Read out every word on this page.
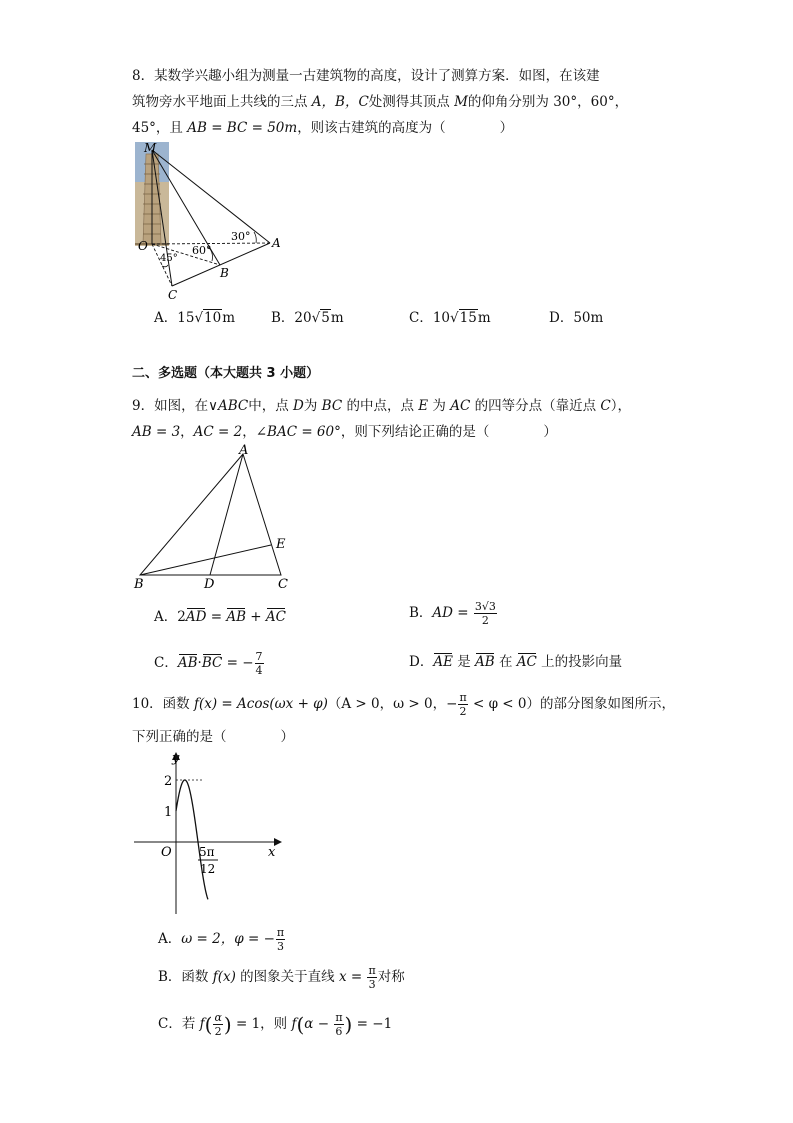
8．某数学兴趣小组为测量一古建筑物的高度，设计了测算方案．如图，在该建
筑物旁水平地面上共线的三点 A，B，C处测得其顶点 M的仰角分别为 30°，60°，
45°，且 AB = BC = 50m，则该古建筑的高度为（　　　　）
M
O	A
B
C
30°
60°
45°
A．15√10m	B．20√5m	C．10√15m	D．50m
二、多选题（本大题共 3 小题）
9．如图，在∨ABC中，点 D为 BC 的中点，点 E 为 AC 的四等分点（靠近点 C），
AB = 3，AC = 2，∠BAC = 60°，则下列结论正确的是（　　　　）
A
B	C
D
E
A．2AD = AB + AC	B．AD = $\frac{3√3}{2}$
C．AB·BC = − $\frac{7}{4}$	D．AE 是 AB 在 AC 上的投影向量
10．函数 f(x) = Acos(ωx + φ)（A > 0，ω > 0，− $\frac{\pi}{2} < \varphi < 0$）的部分图象如图所示，
下列正确的是（　　　　）
y
x
O
2
1
5π
12
A．ω = 2，φ = − $\frac{\pi}{3}$
B．函数 f(x) 的图象关于直线 $x = \frac{\pi}{3}$ 对称
C．若 $f( \frac{\alpha}{2}$ ) = 1，则 $f(\alpha - \frac{\pi}{6}$ ) = −1
